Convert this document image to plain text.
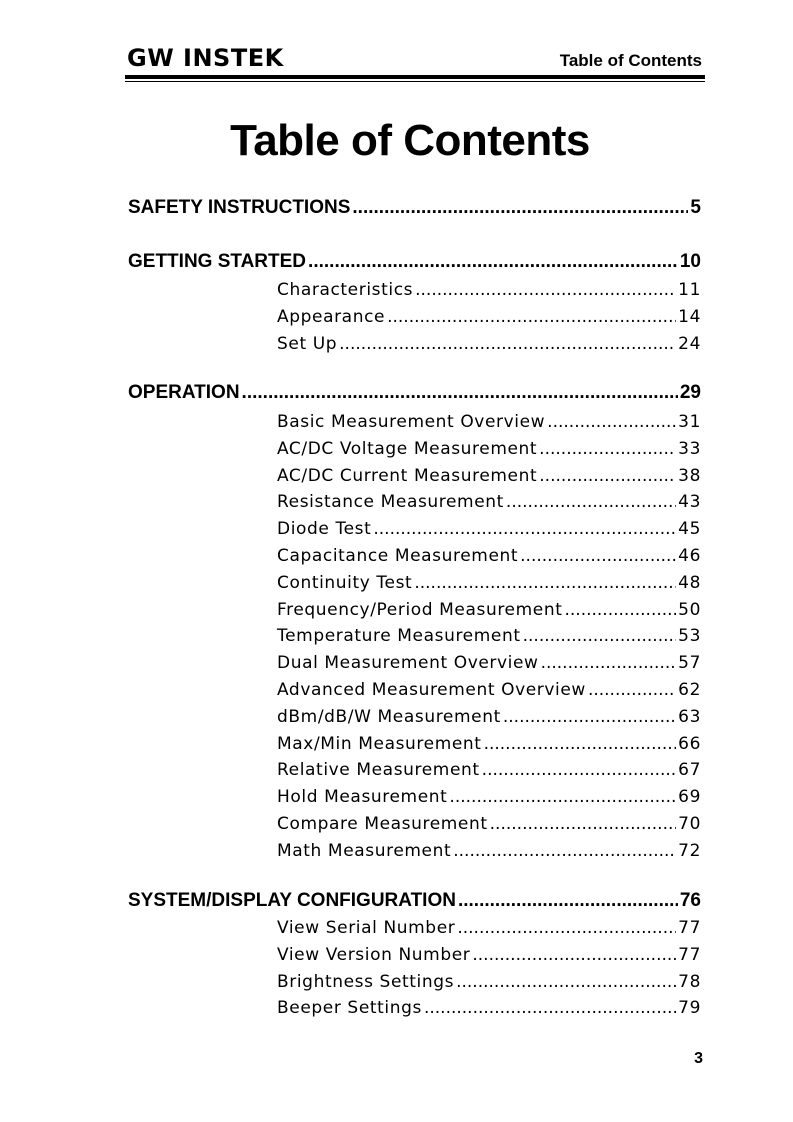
GW INSTEK	Table of Contents
Table of Contents
SAFETY INSTRUCTIONS .....	5
GETTING STARTED .....	10
Characteristics .....	11
Appearance .....	14
Set Up .....	24
OPERATION .....	29
Basic Measurement Overview .....	31
AC/DC Voltage Measurement .....	33
AC/DC Current Measurement .....	38
Resistance Measurement .....	43
Diode Test .....	45
Capacitance Measurement .....	46
Continuity Test .....	48
Frequency/Period Measurement .....	50
Temperature Measurement .....	53
Dual Measurement Overview .....	57
Advanced Measurement Overview .....	62
dBm/dB/W Measurement .....	63
Max/Min Measurement .....	66
Relative Measurement .....	67
Hold Measurement .....	69
Compare Measurement .....	70
Math Measurement .....	72
SYSTEM/DISPLAY CONFIGURATION .....	76
View Serial Number .....	77
View Version Number .....	77
Brightness Settings .....	78
Beeper Settings .....	79
3
